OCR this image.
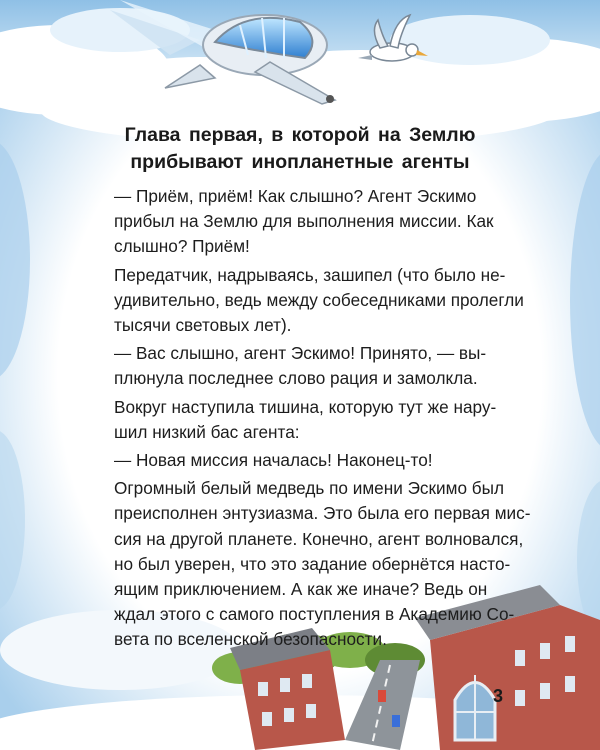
Глава первая, в которой на Землю
прибывают инопланетные агенты

— Приём, приём! Как слышно? Агент Эскимо
прибыл на Землю для выполнения миссии. Как
слышно? Приём!

Передатчик, надрываясь, зашипел (что было не-
удивительно, ведь между собеседниками пролегли
тысячи световых лет).

— Вас слышно, агент Эскимо! Принято, — вы-
плюнула последнее слово рация и замолкла.

Вокруг наступила тишина, которую тут же нару-
шил низкий бас агента:

— Новая миссия началась! Наконец-то!

Огромный белый медведь по имени Эскимо был
преисполнен энтузиазма. Это была его первая мис-
сия на другой планете. Конечно, агент волновался,
но был уверен, что это задание обернётся насто-
ящим приключением. А как же иначе? Ведь он
ждал этого с самого поступления в Академию Со-
вета по вселенской безопасности.

3
